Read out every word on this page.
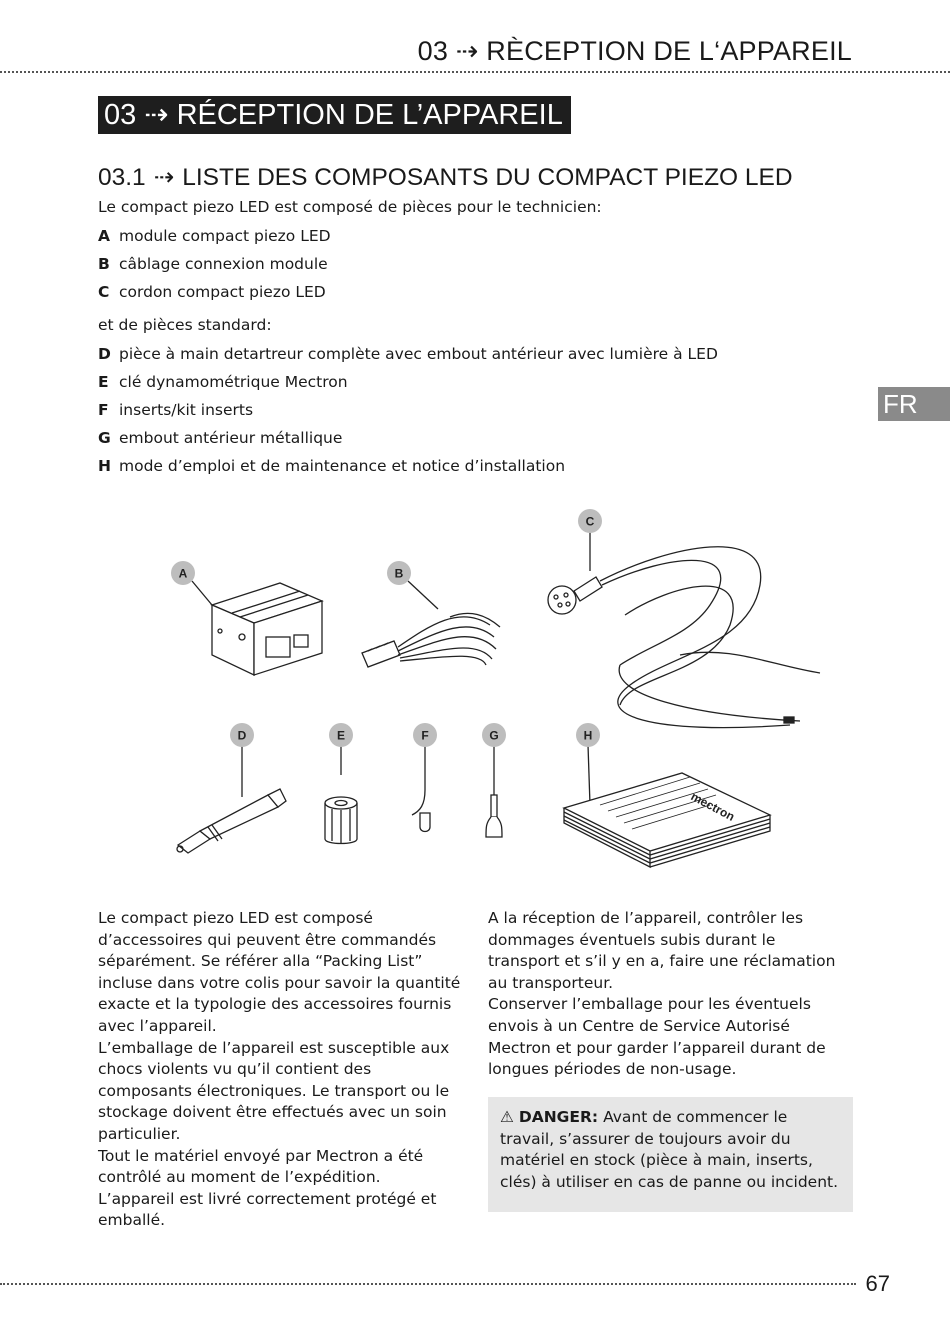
03 ⇢ RÈCEPTION DE L‘APPAREIL
03 ⇢ RÉCEPTION DE L’APPAREIL
FR
03.1 ⇢ LISTE DES COMPOSANTS DU COMPACT PIEZO LED
Le compact piezo LED est composé de pièces pour le technicien:
A module compact piezo LED
B câblage connexion module
C cordon compact piezo LED
et de pièces standard:
D pièce à main detartreur complète avec embout antérieur avec lumière à LED
E clé dynamométrique Mectron
F inserts/kit inserts
G embout antérieur métallique
H mode d’emploi et de maintenance et notice d’installation
mectron
A	B
C
D	E	F	G	H

Le compact piezo LED est composé d’accessoires qui peuvent être commandés séparément. Se référer alla “Packing List” incluse dans votre colis pour savoir la quantité exacte et la typologie des accessoires fournis avec l’appareil.

L’emballage de l’appareil est susceptible aux chocs violents vu qu’il contient des composants électroniques. Le transport ou le stockage doivent être effectués avec un soin particulier.

Tout le matériel envoyé par Mectron a été contrôlé au moment de l’expédition.

L’appareil est livré correctement protégé et emballé.

A la réception de l’appareil, contrôler les dommages éventuels subis durant le transport et s’il y en a, faire une réclamation au transporteur.

Conserver l’emballage pour les éventuels envois à un Centre de Service Autorisé Mectron et pour garder l’appareil durant de longues périodes de non-usage.

⚠ DANGER: Avant de commencer le travail, s’assurer de toujours avoir du matériel en stock (pièce à main, inserts, clés) à utiliser en cas de panne ou incident.
67
